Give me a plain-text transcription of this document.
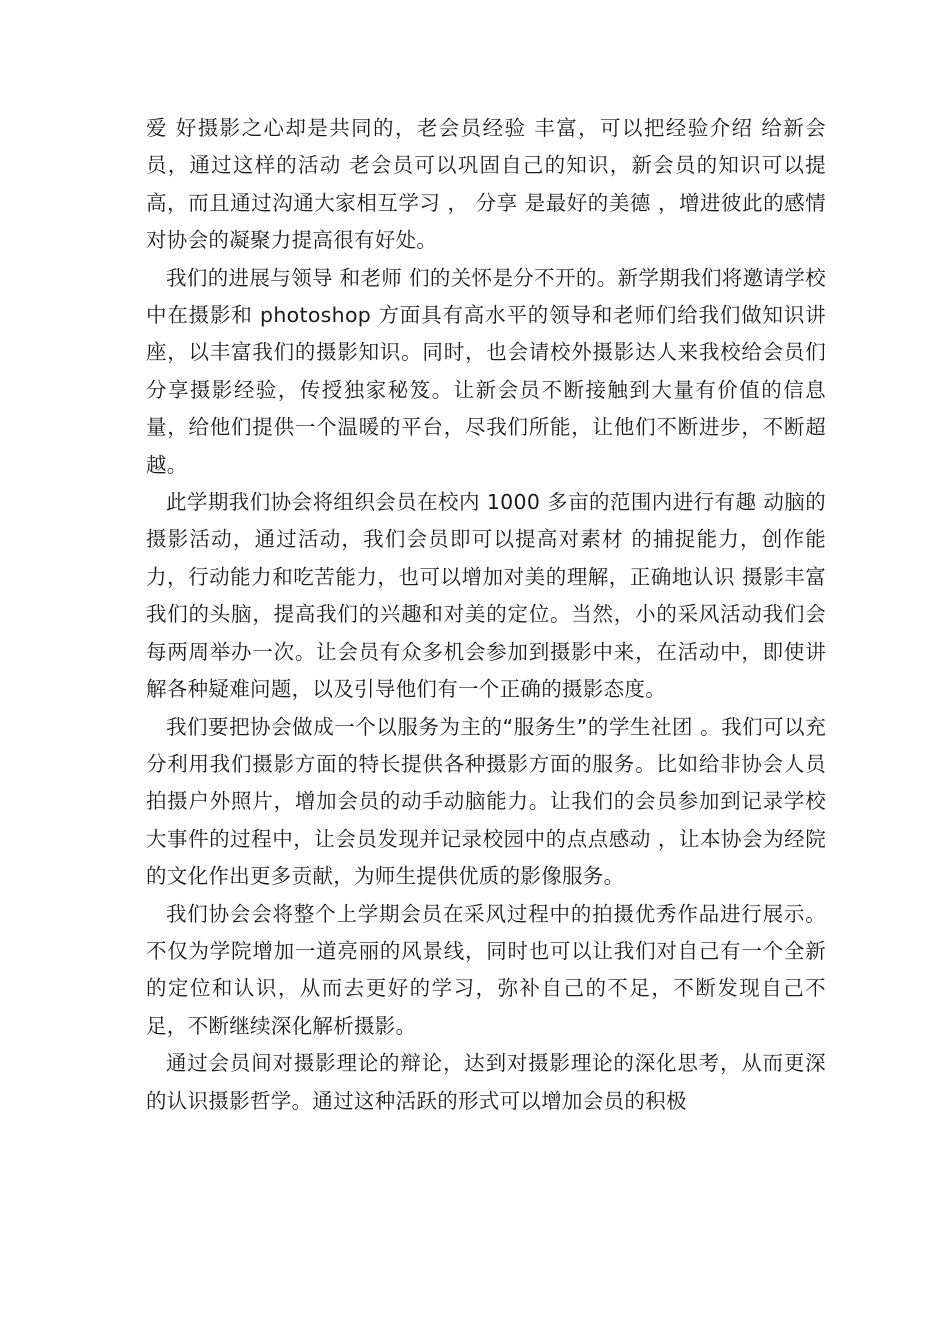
爱 好摄影之心却是共同的，老会员经验 丰富，可以把经验介绍 给新会员，通过这样的活动 老会员可以巩固自己的知识，新会员的知识可以提高，而且通过沟通大家相互学习 ， 分享 是最好的美德 ，增进彼此的感情对协会的凝聚力提高很有好处。

我们的进展与领导 和老师 们的关怀是分不开的。新学期我们将邀请学校 中在摄影和 photoshop 方面具有高水平的领导和老师们给我们做知识讲座，以丰富我们的摄影知识。同时，也会请校外摄影达人来我校给会员们分享摄影经验，传授独家秘笈。让新会员不断接触到大量有价值的信息量，给他们提供一个温暖的平台，尽我们所能，让他们不断进步，不断超越。

此学期我们协会将组织会员在校内 1000 多亩的范围内进行有趣 动脑的摄影活动，通过活动，我们会员即可以提高对素材 的捕捉能力，创作能力，行动能力和吃苦能力，也可以增加对美的理解，正确地认识 摄影丰富我们的头脑，提高我们的兴趣和对美的定位。当然，小的采风活动我们会每两周举办一次。让会员有众多机会参加到摄影中来，在活动中，即使讲解各种疑难问题，以及引导他们有一个正确的摄影态度。

我们要把协会做成一个以服务为主的“服务生”的学生社团 。我们可以充分利用我们摄影方面的特长提供各种摄影方面的服务。比如给非协会人员拍摄户外照片，增加会员的动手动脑能力。让我们的会员参加到记录学校大事件的过程中，让会员发现并记录校园中的点点感动 ，让本协会为经院的文化作出更多贡献，为师生提供优质的影像服务。

我们协会会将整个上学期会员在采风过程中的拍摄优秀作品进行展示。不仅为学院增加一道亮丽的风景线，同时也可以让我们对自己有一个全新的定位和认识，从而去更好的学习，弥补自己的不足，不断发现自己不足，不断继续深化解析摄影。

通过会员间对摄影理论的辩论，达到对摄影理论的深化思考，从而更深的认识摄影哲学。通过这种活跃的形式可以增加会员的积极
